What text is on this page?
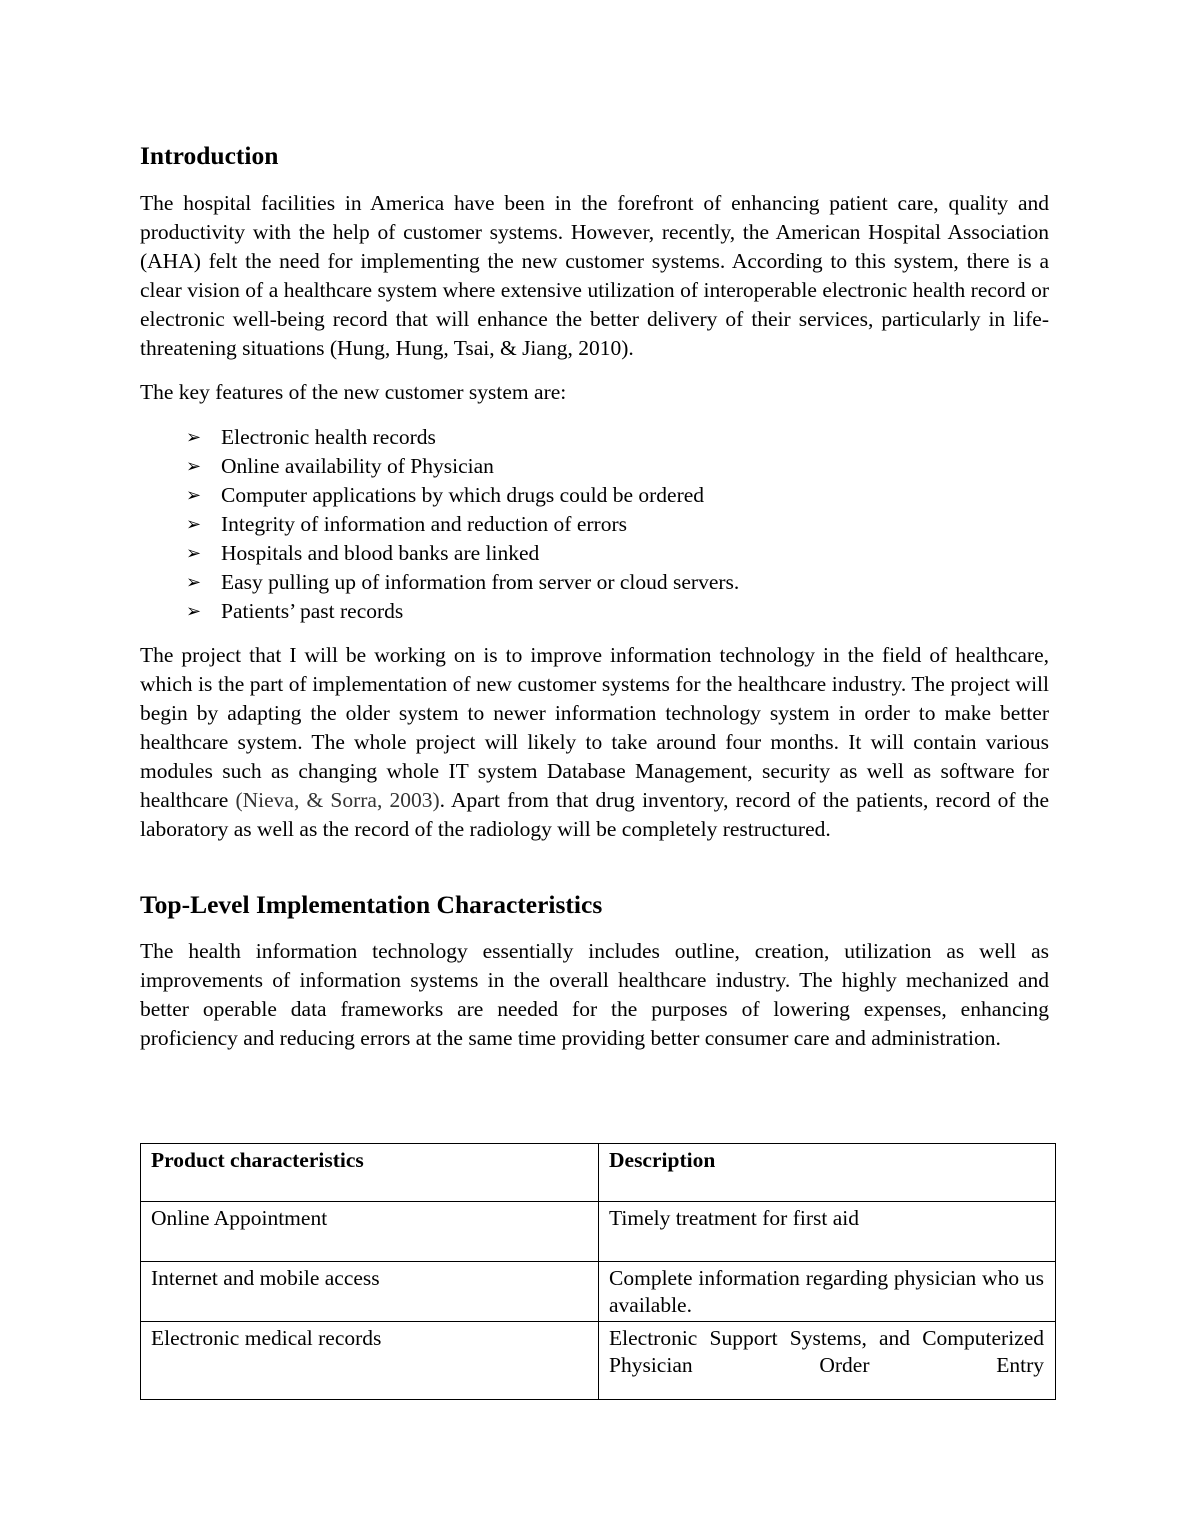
Introduction

The hospital facilities in America have been in the forefront of enhancing patient care, quality and productivity with the help of customer systems. However, recently, the American Hospital Association (AHA) felt the need for implementing the new customer systems. According to this system, there is a clear vision of a healthcare system where extensive utilization of interoperable electronic health record or electronic well-being record that will enhance the better delivery of their services, particularly in life-threatening situations (Hung, Hung, Tsai, & Jiang, 2010).

The key features of the new customer system are:

➢ Electronic health records
➢ Online availability of Physician
➢ Computer applications by which drugs could be ordered
➢ Integrity of information and reduction of errors
➢ Hospitals and blood banks are linked
➢ Easy pulling up of information from server or cloud servers.
➢ Patients’ past records

The project that I will be working on is to improve information technology in the field of healthcare, which is the part of implementation of new customer systems for the healthcare industry. The project will begin by adapting the older system to newer information technology system in order to make better healthcare system. The whole project will likely to take around four months. It will contain various modules such as changing whole IT system Database Management, security as well as software for healthcare (Nieva, & Sorra, 2003). Apart from that drug inventory, record of the patients, record of the laboratory as well as the record of the radiology will be completely restructured.

Top-Level Implementation Characteristics

The health information technology essentially includes outline, creation, utilization as well as improvements of information systems in the overall healthcare industry. The highly mechanized and better operable data frameworks are needed for the purposes of lowering expenses, enhancing proficiency and reducing errors at the same time providing better consumer care and administration.

Product characteristics	Description
Online Appointment	Timely treatment for first aid
Internet and mobile access	Complete information regarding physician who us available.
Electronic medical records	Electronic Support Systems, and Computerized Physician Order Entry
